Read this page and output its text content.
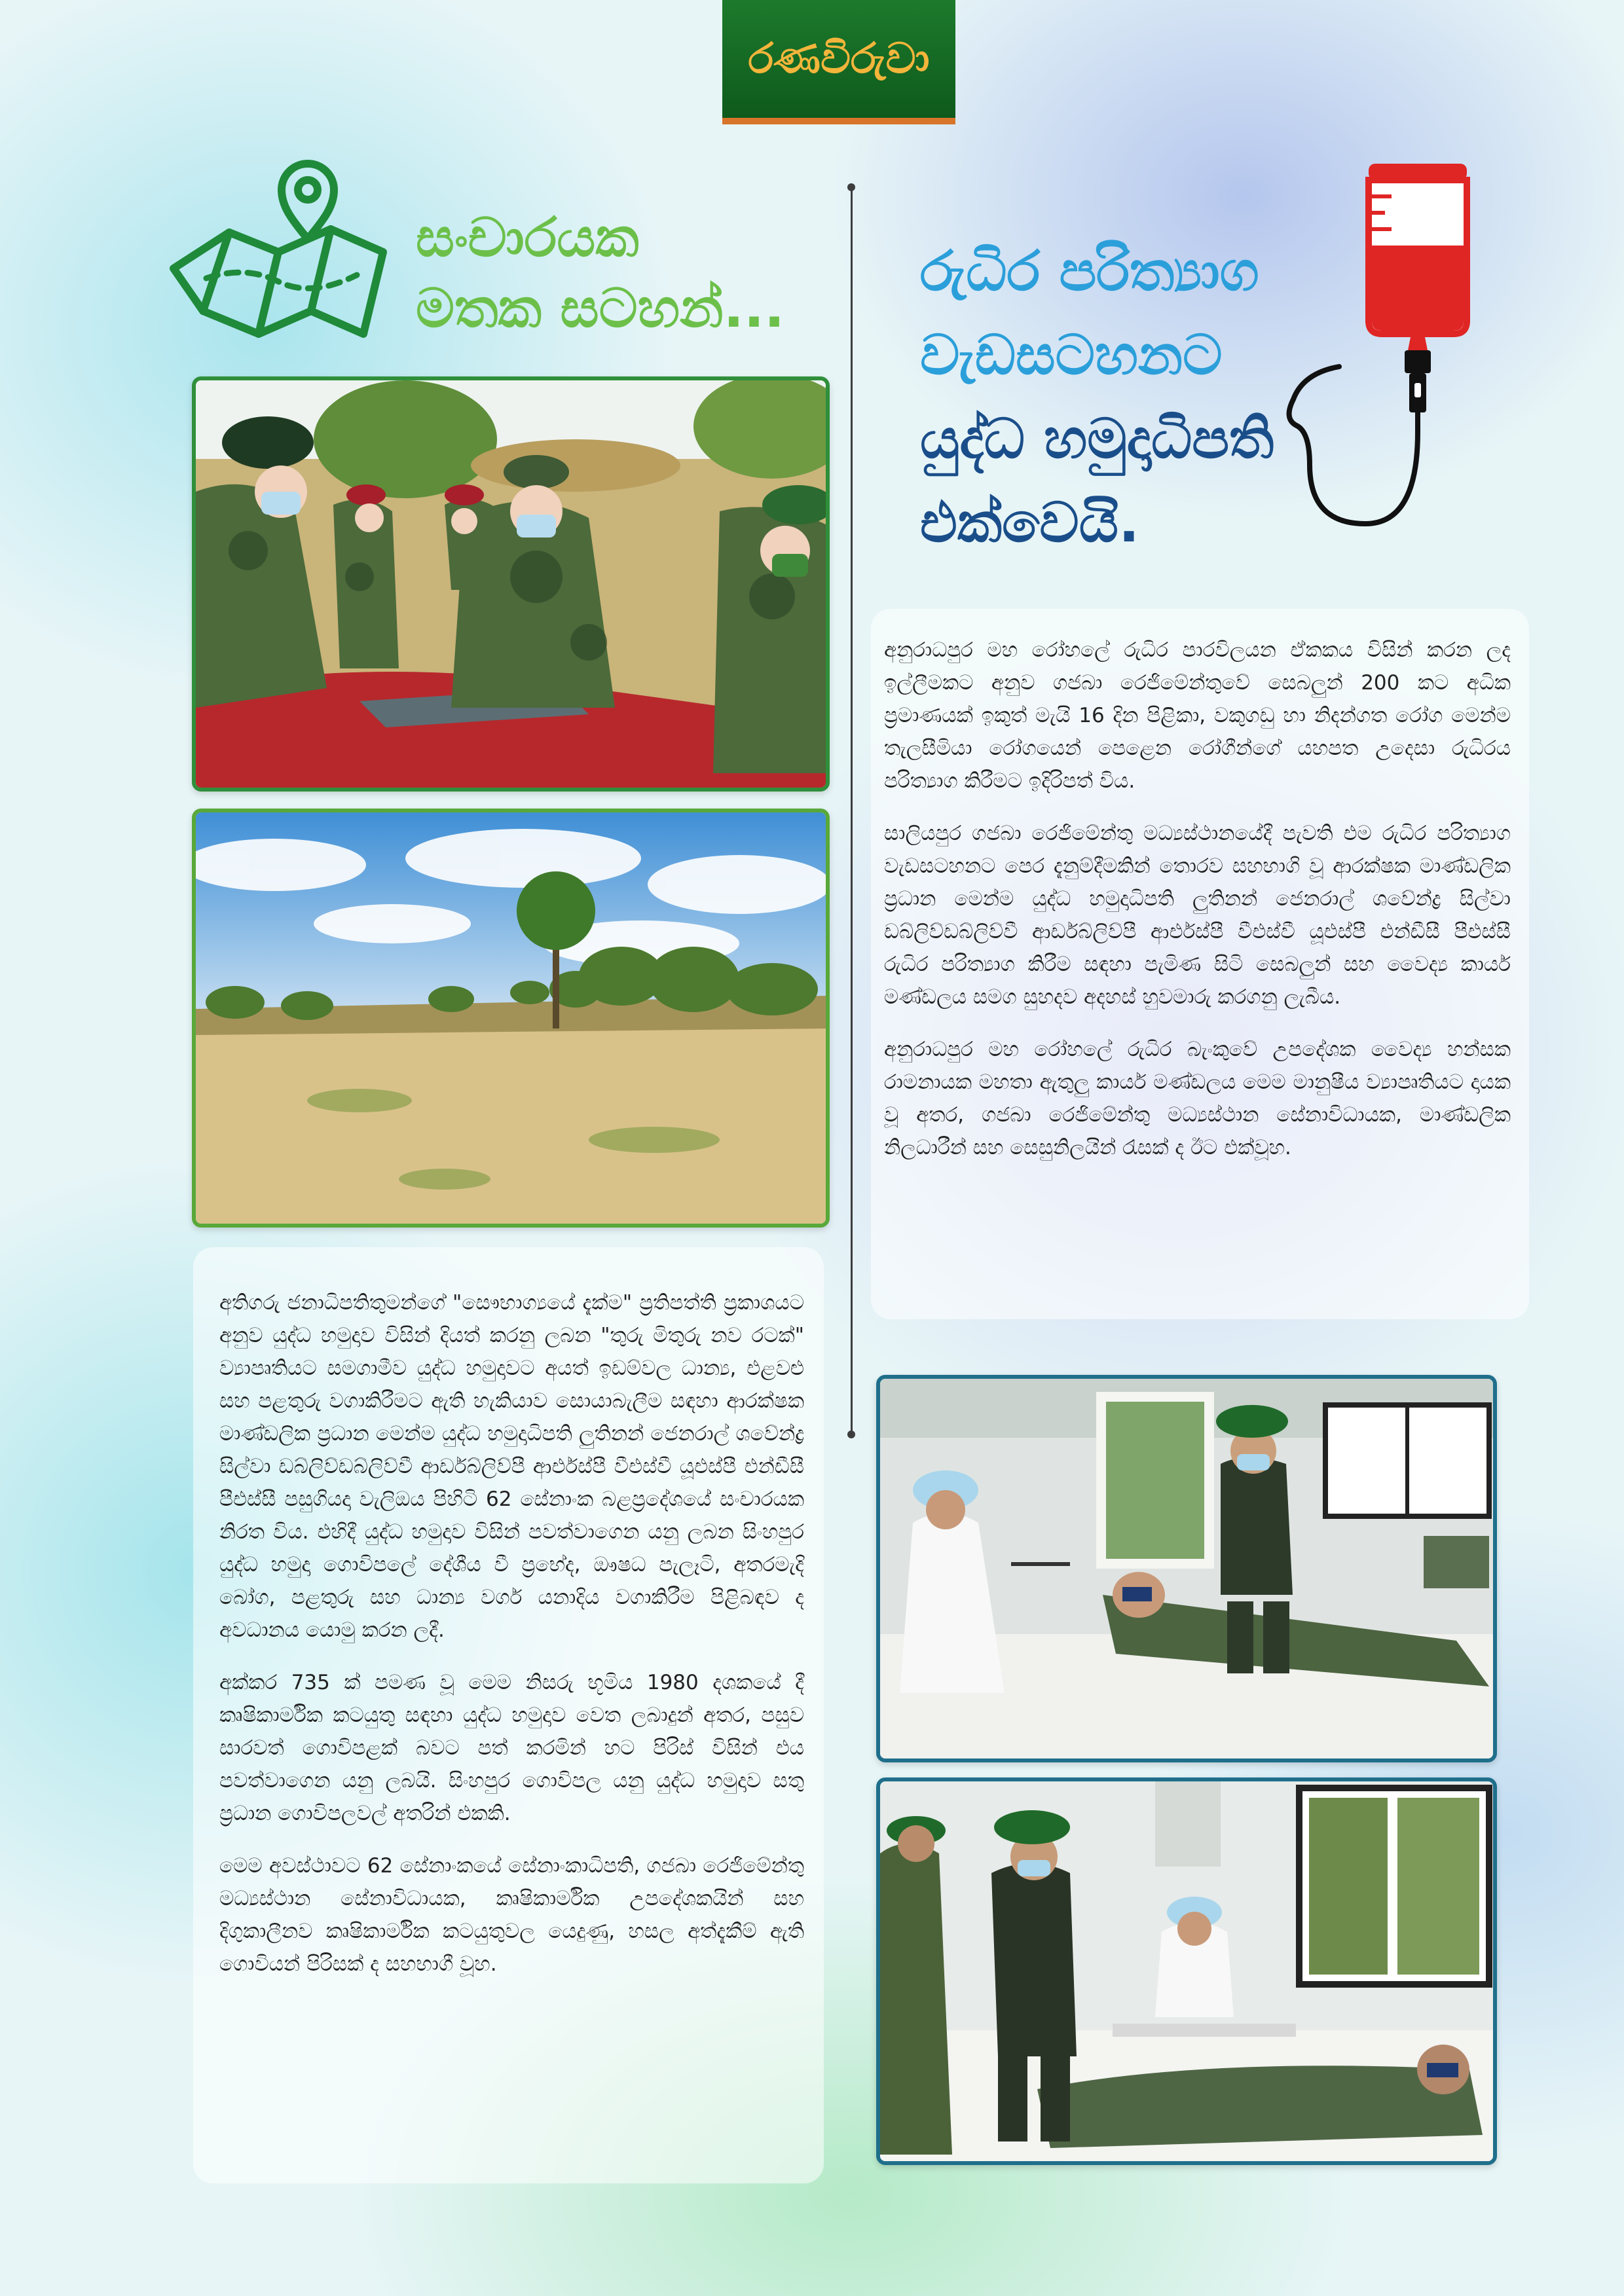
රණවිරුවා
සංචාරයක
මතක සටහන්...
රුධිර පරිත්‍යාග
වැඩසටහනට
යුද්ධ හමුදාධිපති
එක්වෙයි.

අනුරාධපුර මහ රෝහලේ රුධිර පාරවිලයන ඒකකය විසින් කරන ලද ඉල්ලීමකට අනුව ගජබා රෙජිමේන්තුවේ සෙබලුන් 200 කට අධික ප්‍රමාණයක් ඉකුත් මැයි 16 දින පිළිකා, වකුගඩු හා නිදන්ගත රෝග මෙන්ම තැලසීමියා රෝගයෙන් පෙළෙන රෝගීන්ගේ යහපත උදෙසා රුධිරය පරිත්‍යාග කිරීමට ඉදිරිපත් විය.

සාලියපුර ගජබා රෙජිමේන්තු මධ්‍යස්ථානයේදී පැවති එම රුධිර පරිත්‍යාග වැඩසටහනට පෙර දැනුම්දීමකින් තොරව සහභාගි වූ ආරක්ෂක මාණ්ඩලික ප්‍රධාන මෙන්ම යුද්ධ හමුදාධිපති ලුතිනන් ජෙනරාල් ශවේන්ද්‍ර සිල්වා ඩබ්ලිව්ඩබ්ලිව්වී ආර්ඩබ්ලිව්පී ආර්එස්පී වීඑස්වී යූඑස්පී එන්ඩීසී පීඑස්සී රුධිර පරිත්‍යාග කිරීම සඳහා පැමිණ සිටි සෙබලුන් සහ වෛද්‍ය කාර්ය මණ්ඩලය සමග සුහදව අදහස් හුවමාරු කරගනු ලැබීය.

අනුරාධපුර මහ රෝහලේ රුධිර බැංකුවේ උපදේශක වෛද්‍ය හන්සක රාමනායක මහතා ඇතුලු කාර්ය මණ්ඩලය මෙම මානුෂීය ව්‍යාපෘතියට දායක වූ අතර, ගජබා රෙජිමේන්තු මධ්‍යස්ථාන සේනාවිධායක, මාණ්ඩලික නිලධාරීන් සහ සෙසුනිලයින් රැසක් ද ඊට එක්වූහ.

අතිගරු ජනාධිපතිතුමන්ගේ "සෞභාග්‍යයේ දැක්ම" ප්‍රතිපත්ති ප්‍රකාශයට අනුව යුද්ධ හමුදාව විසින් දියත් කරනු ලබන "තුරු මිතුරු නව රටක්" ව්‍යාපෘතියට සමගාමීව යුද්ධ හමුදාවට අයත් ඉඩම්වල ධාන්‍ය, එළවළු සහ පළතුරු වගාකිරීමට ඇති හැකියාව සොයාබැලීම සඳහා ආරක්ෂක මාණ්ඩලික ප්‍රධාන මෙන්ම යුද්ධ හමුදාධිපති ලුතිනන් ජෙනරාල් ශවේන්ද්‍ර සිල්වා ඩබ්ලිව්ඩබ්ලිව්වී ආර්ඩබ්ලිව්පී ආර්එස්පී වීඑස්වී යූඑස්පී එන්ඩීසී පීඑස්සී පසුගියදා වැලිඔය පිහිටි 62 සේනාංක බළප්‍රදේශයේ සංචාරයක නිරත විය. එහිදී යුද්ධ හමුදාව විසින් පවත්වාගෙන යනු ලබන සිංහපුර යුද්ධ හමුදා ගොවිපලේ දේශීය වී ප්‍රභේද, ඖෂධ පැලෑටි, අතරමැදි බෝග, පළතුරු සහ ධාන්‍ය වර්ග යනාදිය වගාකිරීම පිළිබඳව ද අවධානය යොමු කරන ලදී.

අක්කර 735 ක් පමණ වූ මෙම නිසරු භූමිය 1980 දශකයේ දී කෘෂිකාර්මික කටයුතු සඳහා යුද්ධ හමුදාව වෙත ලබාදුන් අතර, පසුව සාරවත් ගොවිපළක් බවට පත් කරමින් හට පිරිස් විසින් එය පවත්වාගෙන යනු ලබයි. සිංහපුර ගොවිපල යනු යුද්ධ හමුදාව සතු ප්‍රධාන ගොවිපලවල් අතරින් එකකි.

මෙම අවස්ථාවට 62 සේනාංකයේ සේනාංකාධිපති, ගජබා රෙජිමේන්තු මධ්‍යස්ථාන සේනාවිධායක, කෘෂිකාර්මික උපදේශකයින් සහ දිගුකාලීනව කෘෂිකාර්මික කටයුතුවල යෙදුණු, හසල අත්දැකීම් ඇති ගොවියන් පිරිසක් ද සහභාගී වූහ.
